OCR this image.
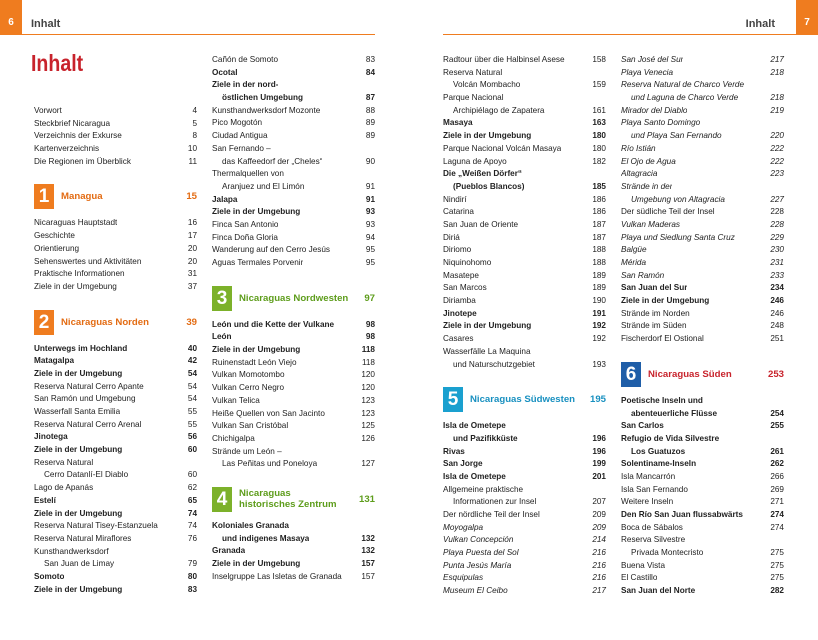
6	7
Inhalt	Inhalt
Inhalt
Vorwort	4
Steckbrief Nicaragua	5
Verzeichnis der Exkurse	8
Kartenverzeichnis	10
Die Regionen im Überblick	11
1	Managua	15
Nicaraguas Hauptstadt	16
Geschichte	17
Orientierung	20
Sehenswertes und Aktivitäten	20
Praktische Informationen	31
Ziele in der Umgebung	37
2	Nicaraguas Norden	39
Unterwegs im Hochland	40
Matagalpa	42
Ziele in der Umgebung	54
Reserva Natural Cerro Apante	54
San Ramón und Umgebung	54
Wasserfall Santa Emilia	55
Reserva Natural Cerro Arenal	55
Jinotega	56
Ziele in der Umgebung	60
Reserva Natural
Cerro Datanlí-El Diablo	60
Lago de Apanás	62
Estelí	65
Ziele in der Umgebung	74
Reserva Natural Tisey-Estanzuela	74
Reserva Natural Miraflores	76
Kunsthandwerksdorf
San Juan de Limay	79
Somoto	80
Ziele in der Umgebung	83
Cañón de Somoto	83
Ocotal	84
Ziele in der nord-
östlichen Umgebung	87
Kunsthandwerksdorf Mozonte	88
Pico Mogotón	89
Ciudad Antigua	89
San Fernando –
das Kaffeedorf der „Cheles“	90
Thermalquellen von
Aranjuez und El Limón	91
Jalapa	91
Ziele in der Umgebung	93
Finca San Antonio	93
Finca Doña Gloria	94
Wanderung auf den Cerro Jesús	95
Aguas Termales Porvenir	95
3	Nicaraguas Nordwesten	97
León und die Kette der Vulkane	98
León	98
Ziele in der Umgebung	118
Ruinenstadt León Viejo	118
Vulkan Momotombo	120
Vulkan Cerro Negro	120
Vulkan Telica	123
Heiße Quellen von San Jacinto	123
Vulkan San Cristóbal	125
Chichigalpa	126
Strände um León –
Las Peñitas und Poneloya	127
4	Nicaraguas
historisches Zentrum	131
Koloniales Granada
und indigenes Masaya	132
Granada	132
Ziele in der Umgebung	157
Inselgruppe Las Isletas de Granada 157
Radtour über die Halbinsel Asese	158
Reserva Natural
Volcán Mombacho	159
Parque Nacional
Archipiélago de Zapatera	161
Masaya	163
Ziele in der Umgebung	180
Parque Nacional Volcán Masaya	180
Laguna de Apoyo	182
Die „Weißen Dörfer“
(Pueblos Blancos)	185
Nindirí	186
Catarina	186
San Juan de Oriente	187
Diriá	187
Diriomo	188
Niquinohomo	188
Masatepe	189
San Marcos	189
Diriamba	190
Jinotepe	191
Ziele in der Umgebung	192
Casares	192
Wasserfälle La Maquina
und Naturschutzgebiet	193
5	Nicaraguas Südwesten	195
Isla de Ometepe
und Pazifikküste	196
Rivas	196
San Jorge	199
Isla de Ometepe	201
Allgemeine praktische
Informationen zur Insel	207
Der nördliche Teil der Insel	209
Moyogalpa	209
Vulkan Concepción	214
Playa Puesta del Sol	216
Punta Jesús María	216
Esquipulas	216
Museum El Ceibo	217
San José del Sur	217
Playa Venecia	218
Reserva Natural de Charco Verde
und Laguna de Charco Verde	218
Mirador del Diablo	219
Playa Santo Domingo
und Playa San Fernando	220
Río Istián	222
El Ojo de Agua	222
Altagracia	223
Strände in der
Umgebung von Altagracia	227
Der südliche Teil der Insel	228
Vulkan Maderas	228
Playa und Siedlung Santa Cruz	229
Balgüe	230
Mérida	231
San Ramón	233
San Juan del Sur	234
Ziele in der Umgebung	246
Strände im Norden	246
Strände im Süden	248
Fischerdorf El Ostional	251
6	Nicaraguas Süden	253
Poetische Inseln und
abenteuerliche Flüsse	254
San Carlos	255
Refugio de Vida Silvestre
Los Guatuzos	261
Solentiname-Inseln	262
Isla Mancarrón	266
Isla San Fernando	269
Weitere Inseln	271
Den Río San Juan flussabwärts	274
Boca de Sábalos	274
Reserva Silvestre
Privada Montecristo	275
Buena Vista	275
El Castillo	275
San Juan del Norte	282
